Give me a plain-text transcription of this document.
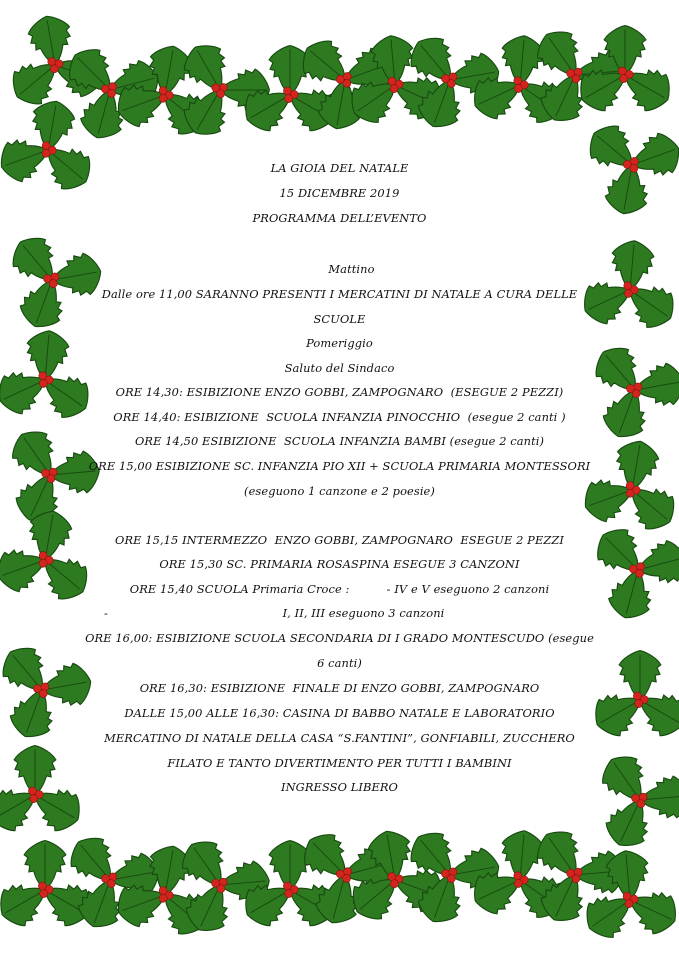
LA GIOIA DEL NATALE
15 DICEMBRE 2019
PROGRAMMA DELL’EVENTO
Mattino
Dalle ore 11,00 SARANNO PRESENTI I MERCATINI DI NATALE A CURA DELLE
SCUOLE
Pomeriggio
Saluto del Sindaco
ORE 14,30: ESIBIZIONE ENZO GOBBI, ZAMPOGNARO  (ESEGUE 2 PEZZI)
ORE 14,40: ESIBIZIONE  SCUOLA INFANZIA PINOCCHIO  (esegue 2 canti )
ORE 14,50 ESIBIZIONE  SCUOLA INFANZIA BAMBI (esegue 2 canti)
ORE 15,00 ESIBIZIONE SC. INFANZIA PIO XII + SCUOLA PRIMARIA MONTESSORI
(eseguono 1 canzone e 2 poesie)
ORE 15,15 INTERMEZZO  ENZO GOBBI, ZAMPOGNARO  ESEGUE 2 PEZZI
ORE 15,30 SC. PRIMARIA ROSASPINA ESEGUE 3 CANZONI
ORE 15,40 SCUOLA Primaria Croce :          - IV e V eseguono 2 canzoni
-	I, II, III eseguono 3 canzoni
ORE 16,00: ESIBIZIONE SCUOLA SECONDARIA DI I GRADO MONTESCUDO (esegue
6 canti)
ORE 16,30: ESIBIZIONE  FINALE DI ENZO GOBBI, ZAMPOGNARO
DALLE 15,00 ALLE 16,30: CASINA DI BABBO NATALE E LABORATORIO
MERCATINO DI NATALE DELLA CASA “S.FANTINI”, GONFIABILI, ZUCCHERO
FILATO E TANTO DIVERTIMENTO PER TUTTI I BAMBINI
INGRESSO LIBERO
